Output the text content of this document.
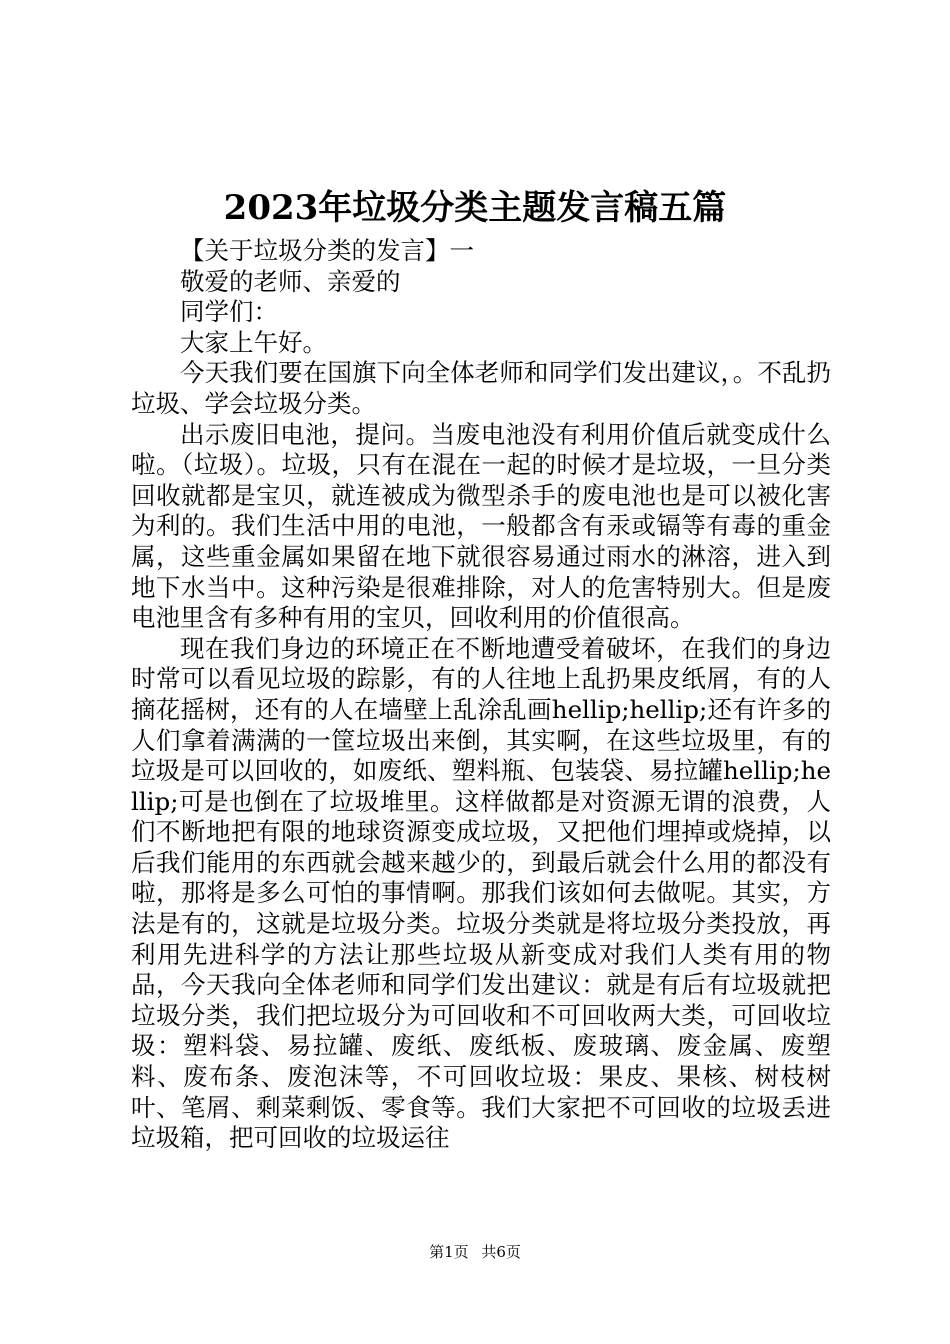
2023年垃圾分类主题发言稿五篇

【关于垃圾分类的发言】一

敬爱的老师、亲爱的

同学们：

大家上午好。

今天我们要在国旗下向全体老师和同学们发出建议，。不乱扔垃圾、学会垃圾分类。

出示废旧电池，提问。当废电池没有利用价值后就变成什么啦。（垃圾）。垃圾，只有在混在一起的时候才是垃圾，一旦分类回收就都是宝贝，就连被成为微型杀手的废电池也是可以被化害为利的。我们生活中用的电池，一般都含有汞或镉等有毒的重金属，这些重金属如果留在地下就很容易通过雨水的淋溶，进入到地下水当中。这种污染是很难排除，对人的危害特别大。但是废电池里含有多种有用的宝贝，回收利用的价值很高。

现在我们身边的环境正在不断地遭受着破坏，在我们的身边时常可以看见垃圾的踪影，有的人往地上乱扔果皮纸屑，有的人摘花摇树，还有的人在墙壁上乱涂乱画hellip;hellip;还有许多的人们拿着满满的一筐垃圾出来倒，其实啊，在这些垃圾里，有的垃圾是可以回收的，如废纸、塑料瓶、包装袋、易拉罐hellip;hellip;可是也倒在了垃圾堆里。这样做都是对资源无谓的浪费，人们不断地把有限的地球资源变成垃圾，又把他们埋掉或烧掉，以后我们能用的东西就会越来越少的，到最后就会什么用的都没有啦，那将是多么可怕的事情啊。那我们该如何去做呢。其实，方法是有的，这就是垃圾分类。垃圾分类就是将垃圾分类投放，再利用先进科学的方法让那些垃圾从新变成对我们人类有用的物品，今天我向全体老师和同学们发出建议：就是有后有垃圾就把垃圾分类，我们把垃圾分为可回收和不可回收两大类，可回收垃圾：塑料袋、易拉罐、废纸、废纸板、废玻璃、废金属、废塑料、废布条、废泡沫等，不可回收垃圾：果皮、果核、树枝树叶、笔屑、剩菜剩饭、零食等。我们大家把不可回收的垃圾丢进垃圾箱，把可回收的垃圾运往

第1页 共6页
